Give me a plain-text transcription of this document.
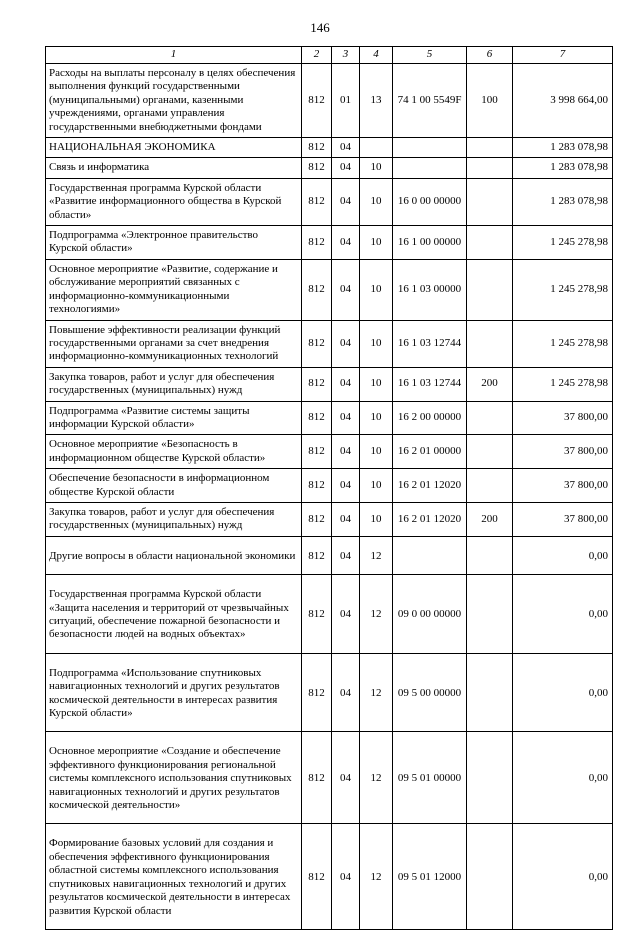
146
1	2	3	4	5	6	7
Расходы на выплаты персоналу в целях обеспечения выполнения функций государственными (муниципальными) органами, казенными учреждениями, органами управления государственными внебюджетными фондами	812	01	13	74 1 00 5549F	100	3 998 664,00
НАЦИОНАЛЬНАЯ ЭКОНОМИКА	812	04				1 283 078,98
Связь и информатика	812	04	10			1 283 078,98
Государственная программа Курской области «Развитие информационного общества в Курской области»	812	04	10	16 0 00 00000		1 283 078,98
Подпрограмма «Электронное правительство Курской области»	812	04	10	16 1 00 00000		1 245 278,98
Основное мероприятие «Развитие, содержание и обслуживание мероприятий связанных с информационно-коммуникационными технологиями»	812	04	10	16 1 03 00000		1 245 278,98
Повышение эффективности реализации функций государственными органами за счет внедрения информационно-коммуникационных технологий	812	04	10	16 1 03 12744		1 245 278,98
Закупка товаров, работ и услуг для обеспечения государственных (муниципальных) нужд	812	04	10	16 1 03 12744	200	1 245 278,98
Подпрограмма «Развитие системы защиты информации Курской области»	812	04	10	16 2 00 00000		37 800,00
Основное мероприятие «Безопасность в информационном обществе Курской области»	812	04	10	16 2 01 00000		37 800,00
Обеспечение безопасности в информационном обществе Курской области	812	04	10	16 2 01 12020		37 800,00
Закупка товаров, работ и услуг для обеспечения государственных (муниципальных) нужд	812	04	10	16 2 01 12020	200	37 800,00
Другие вопросы в области национальной экономики	812	04	12			0,00
Государственная программа Курской области «Защита населения и территорий от чрезвычайных ситуаций, обеспечение пожарной безопасности и безопасности людей на водных объектах»	812	04	12	09 0 00 00000		0,00
Подпрограмма «Использование спутниковых навигационных технологий и других результатов космической деятельности в интересах развития Курской области»	812	04	12	09 5 00 00000		0,00
Основное мероприятие «Создание и обеспечение эффективного функционирования региональной системы комплексного использования спутниковых навигационных технологий и других результатов космической деятельности»	812	04	12	09 5 01 00000		0,00
Формирование базовых условий для создания и обеспечения эффективного функционирования областной системы комплексного использования спутниковых навигационных технологий и других результатов космической деятельности в интересах развития Курской области	812	04	12	09 5 01 12000		0,00
